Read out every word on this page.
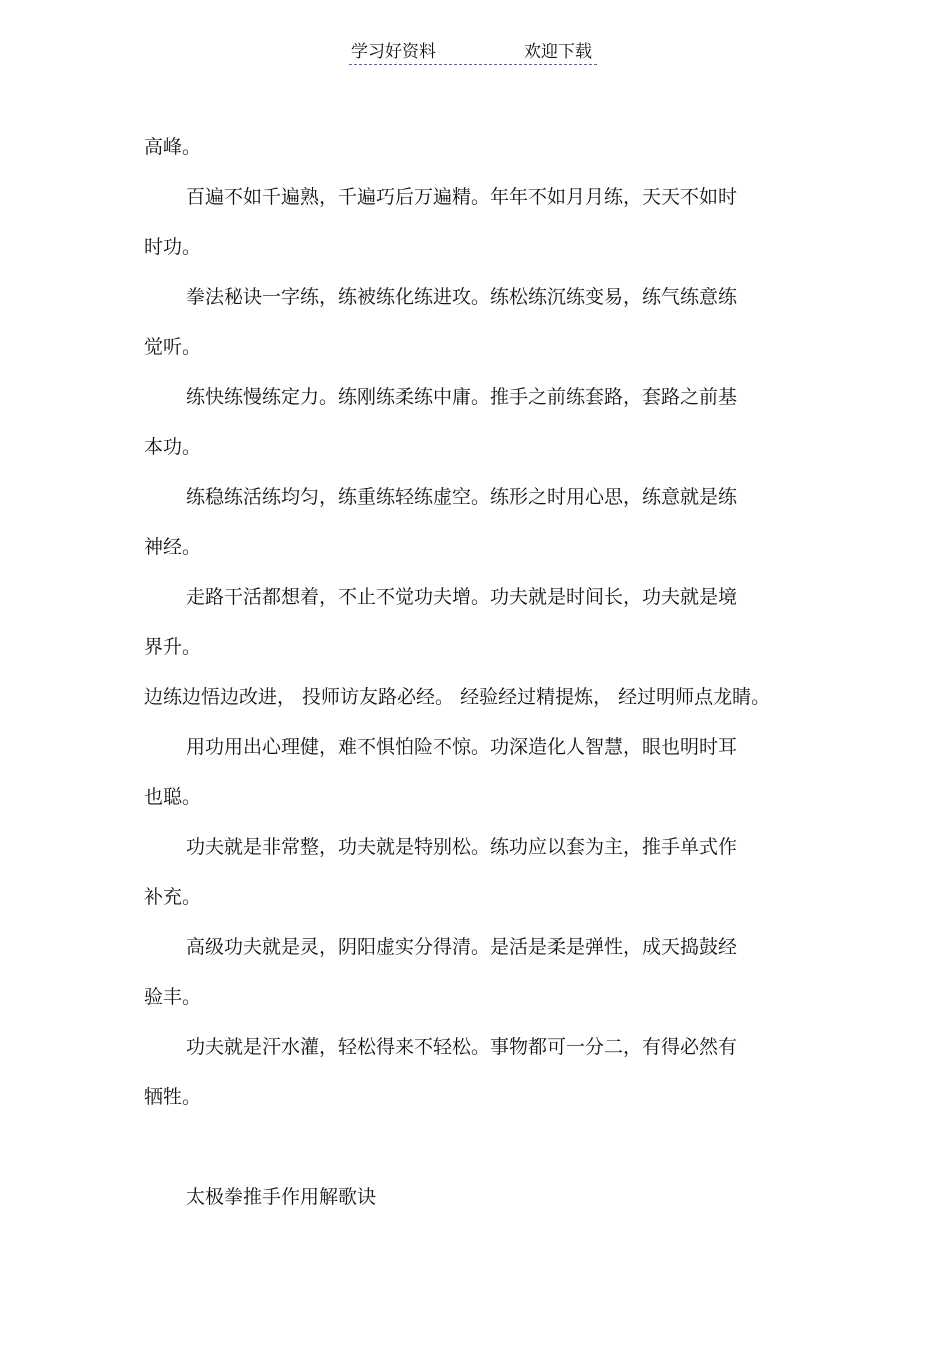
学习好资料	欢迎下载

高峰。

百遍不如千遍熟，千遍巧后万遍精。年年不如月月练，天天不如时

时功。

拳法秘诀一字练，练被练化练进攻。练松练沉练变易，练气练意练

觉听。

练快练慢练定力。练刚练柔练中庸。推手之前练套路，套路之前基

本功。

练稳练活练均匀，练重练轻练虚空。练形之时用心思，练意就是练

神经。

走路干活都想着，不止不觉功夫增。功夫就是时间长，功夫就是境

界升。

边练边悟边改进， 投师访友路必经。 经验经过精提炼， 经过明师点龙睛。

用功用出心理健，难不惧怕险不惊。功深造化人智慧，眼也明时耳

也聪。

功夫就是非常整，功夫就是特别松。练功应以套为主，推手单式作

补充。

高级功夫就是灵，阴阳虚实分得清。是活是柔是弹性，成天捣鼓经

验丰。

功夫就是汗水灌，轻松得来不轻松。事物都可一分二，有得必然有

牺牲。

太极拳推手作用解歌诀
